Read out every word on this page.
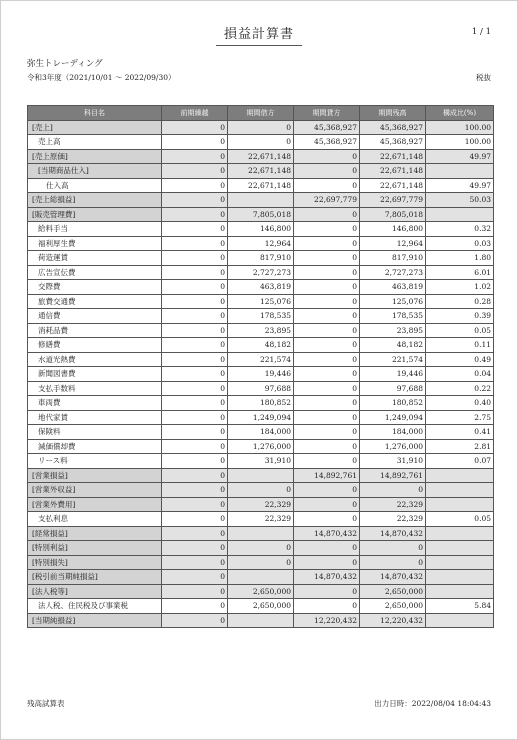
損益計算書	1 / 1
弥生トレーディング
令和3年度（2021/10/01 ～ 2022/09/30）	税抜
科目名	前期繰越	期間借方	期間貸方	期間残高	構成比(%)
[売上]	0	0	45,368,927	45,368,927	100.00
売上高	0	0	45,368,927	45,368,927	100.00
[売上原価]	0	22,671,148	0	22,671,148	49.97
[当期商品仕入]	0	22,671,148	0	22,671,148	
仕入高	0	22,671,148	0	22,671,148	49.97
[売上総損益]	0		22,697,779	22,697,779	50.03
[販売管理費]	0	7,805,018	0	7,805,018	
給料手当	0	146,800	0	146,800	0.32
福利厚生費	0	12,964	0	12,964	0.03
荷造運賃	0	817,910	0	817,910	1.80
広告宣伝費	0	2,727,273	0	2,727,273	6.01
交際費	0	463,819	0	463,819	1.02
旅費交通費	0	125,076	0	125,076	0.28
通信費	0	178,535	0	178,535	0.39
消耗品費	0	23,895	0	23,895	0.05
修繕費	0	48,182	0	48,182	0.11
水道光熱費	0	221,574	0	221,574	0.49
新聞図書費	0	19,446	0	19,446	0.04
支払手数料	0	97,688	0	97,688	0.22
車両費	0	180,852	0	180,852	0.40
地代家賃	0	1,249,094	0	1,249,094	2.75
保険料	0	184,000	0	184,000	0.41
減価償却費	0	1,276,000	0	1,276,000	2.81
リース料	0	31,910	0	31,910	0.07
[営業損益]	0		14,892,761	14,892,761	
[営業外収益]	0	0	0	0	
[営業外費用]	0	22,329	0	22,329	
支払利息	0	22,329	0	22,329	0.05
[経常損益]	0		14,870,432	14,870,432	
[特別利益]	0	0	0	0	
[特別損失]	0	0	0	0	
[税引前当期純損益]	0		14,870,432	14,870,432	
[法人税等]	0	2,650,000	0	2,650,000	
法人税、住民税及び事業税	0	2,650,000	0	2,650,000	5.84
[当期純損益]	0		12,220,432	12,220,432	
残高試算表	出力日時：2022/08/04 18:04:43
